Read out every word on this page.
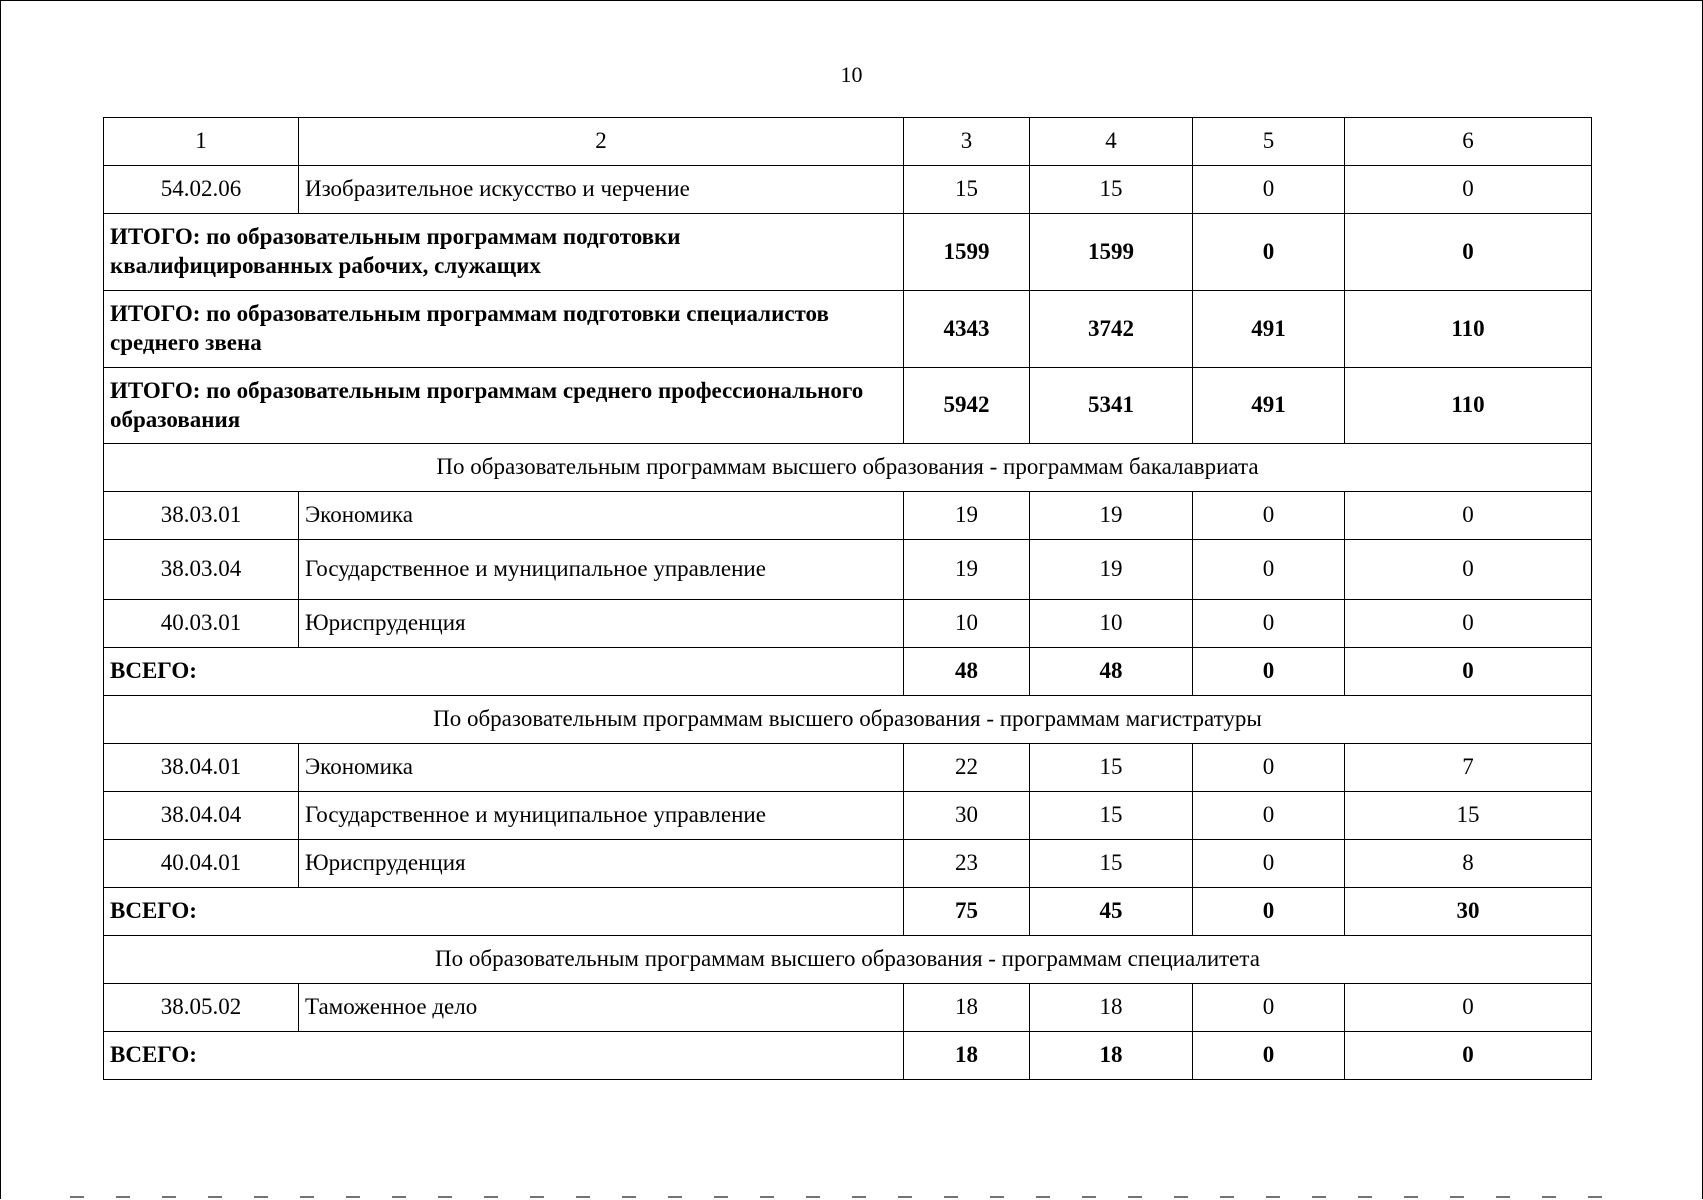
10
1	2	3	4	5	6
54.02.06	Изобразительное искусство и черчение	15	15	0	0
ИТОГО: по образовательным программам подготовки квалифицированных рабочих, служащих		1599	1599	0	0
ИТОГО: по образовательным программам подготовки специалистов среднего звена		4343	3742	491	110
ИТОГО: по образовательным программам среднего профессионального образования		5942	5341	491	110
По образовательным программам высшего образования - программам бакалавриата					
38.03.01	Экономика	19	19	0	0
38.03.04	Государственное и муниципальное управление	19	19	0	0
40.03.01	Юриспруденция	10	10	0	0
ВСЕГО:		48	48	0	0
По образовательным программам высшего образования - программам магистратуры					
38.04.01	Экономика	22	15	0	7
38.04.04	Государственное и муниципальное управление	30	15	0	15
40.04.01	Юриспруденция	23	15	0	8
ВСЕГО:		75	45	0	30
По образовательным программам высшего образования - программам специалитета					
38.05.02	Таможенное дело	18	18	0	0
ВСЕГО:		18	18	0	0
